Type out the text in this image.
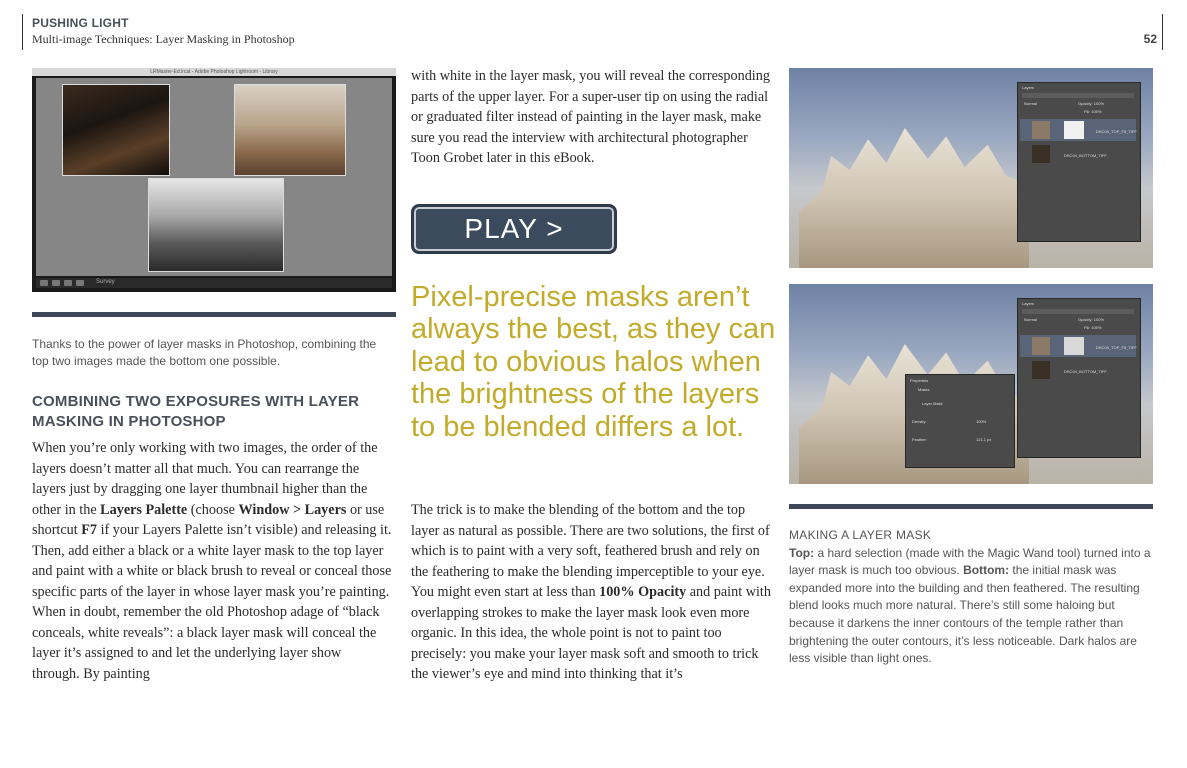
PUSHING LIGHT
Multi-image Techniques: Layer Masking in Photoshop	52
LRMaster-Ed.lrcat - Adobe Photoshop Lightroom - Library
Survey
Thanks to the power of layer masks in Photoshop, combining the top two images made the bottom one possible.
COMBINING TWO EXPOSURES WITH LAYER MASKING IN PHOTOSHOP
When you’re only working with two images, the order of the layers doesn’t matter all that much. You can rearrange the layers just by dragging one layer thumbnail higher than the other in the Layers Palette (choose Window > Layers or use shortcut F7 if your Layers Palette isn’t visible) and releasing it. Then, add either a black or a white layer mask to the top layer and paint with a white or black brush to reveal or conceal those specific parts of the layer in whose layer mask you’re painting. When in doubt, remember the old Photoshop adage of “black conceals, white reveals”: a black layer mask will conceal the layer it’s assigned to and let the underlying layer show through. By painting
with white in the layer mask, you will reveal the corresponding parts of the upper layer. For a super-user tip on using the radial or graduated filter instead of painting in the layer mask, make sure you read the interview with architectural photographer Toon Grobet later in this eBook.
PLAY >
Pixel-precise masks aren’t always the best, as they can lead to obvious halos when the brightness of the layers to be blended differs a lot.
The trick is to make the blending of the bottom and the top layer as natural as possible. There are two solutions, the first of which is to paint with a very soft, feathered brush and rely on the feathering to make the blending imperceptible to your eye. You might even start at less than 100% Opacity and paint with overlapping strokes to make the layer mask look even more organic. In this idea, the whole point is not to paint too precisely: you make your layer mask soft and smooth to trick the viewer’s eye and mind into thinking that it’s
Layers
Normal	Opacity: 100%
Fill: 100%
DSC04_TOP_F8_TIFF
DSC04_BOTTOM_TIFF
Layers
Normal	Opacity: 100%
Fill: 100%
DSC04_TOP_F8_TIFF
DSC04_BOTTOM_TIFF
Properties
Masks
Layer Mask
Density:	100%
Feather:	121.1 px
MAKING A LAYER MASK
Top: a hard selection (made with the Magic Wand tool) turned into a layer mask is much too obvious. Bottom: the initial mask was expanded more into the building and then feathered. The resulting blend looks much more natural. There’s still some haloing but because it darkens the inner contours of the temple rather than brightening the outer contours, it’s less noticeable. Dark halos are less visible than light ones.
